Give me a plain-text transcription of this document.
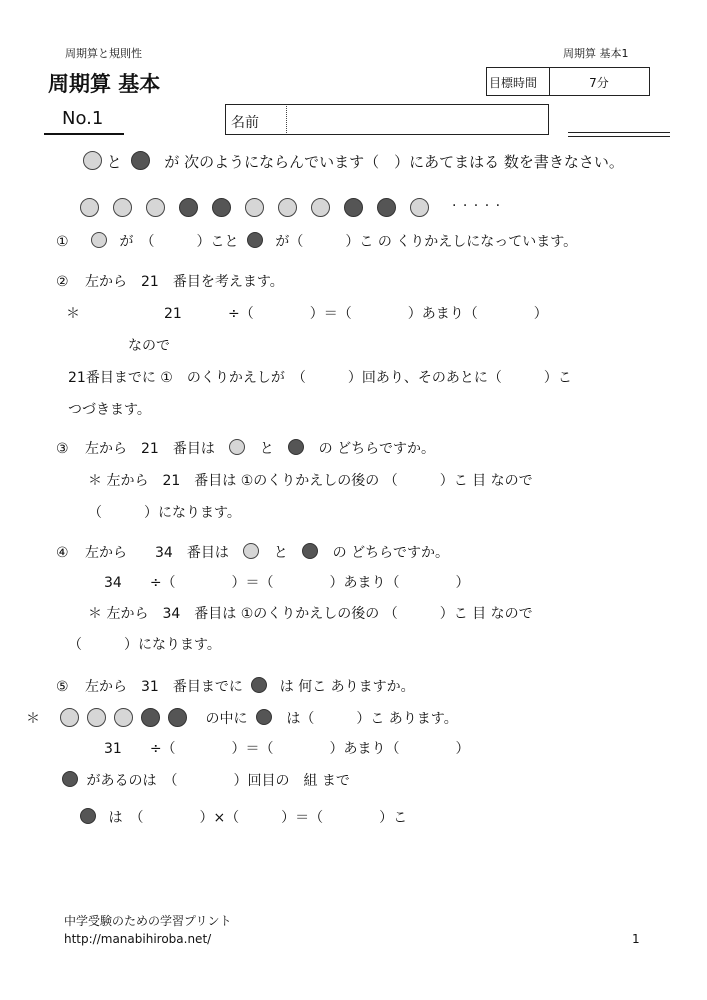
周期算と規則性
周期算 基本
周期算 基本1
目標時間	7分
No.1	名前
と	が 次のようにならんでいます（　）にあてまはる 数を書きなさい。
· · · · ·
①	が　（　　　）こと	が（　　　）こ の くりかえしになっています。
② 左から　21　番目を考えます。
＊	21	÷（　　　　）＝（　　　　）あまり（　　　　）
なので
21番目までに ①　のくりかえしが　（　　　）回あり、そのあとに（　　　）こ
つづきます。
③ 左から　21　番目は	と	の どちらですか。
＊ 左から　21　番目は ①のくりかえしの後の （　　　）こ 目 なので
（　　　）になります。
④ 左から　　34　番目は	と	の どちらですか。
34　　÷（　　　　）＝（　　　　）あまり（　　　　）
＊ 左から　34　番目は ①のくりかえしの後の （　　　）こ 目 なので
（　　　）になります。
⑤ 左から　31　番目までに	は 何こ ありますか。
＊	の中に	は（　　　）こ あります。
31　　÷（　　　　）＝（　　　　）あまり（　　　　）
があるのは　（　　　　）回目の　組 まで
は　（　　　　）×（　　　）＝（　　　　）こ
中学受験のための学習プリント
http://manabihiroba.net/	1
